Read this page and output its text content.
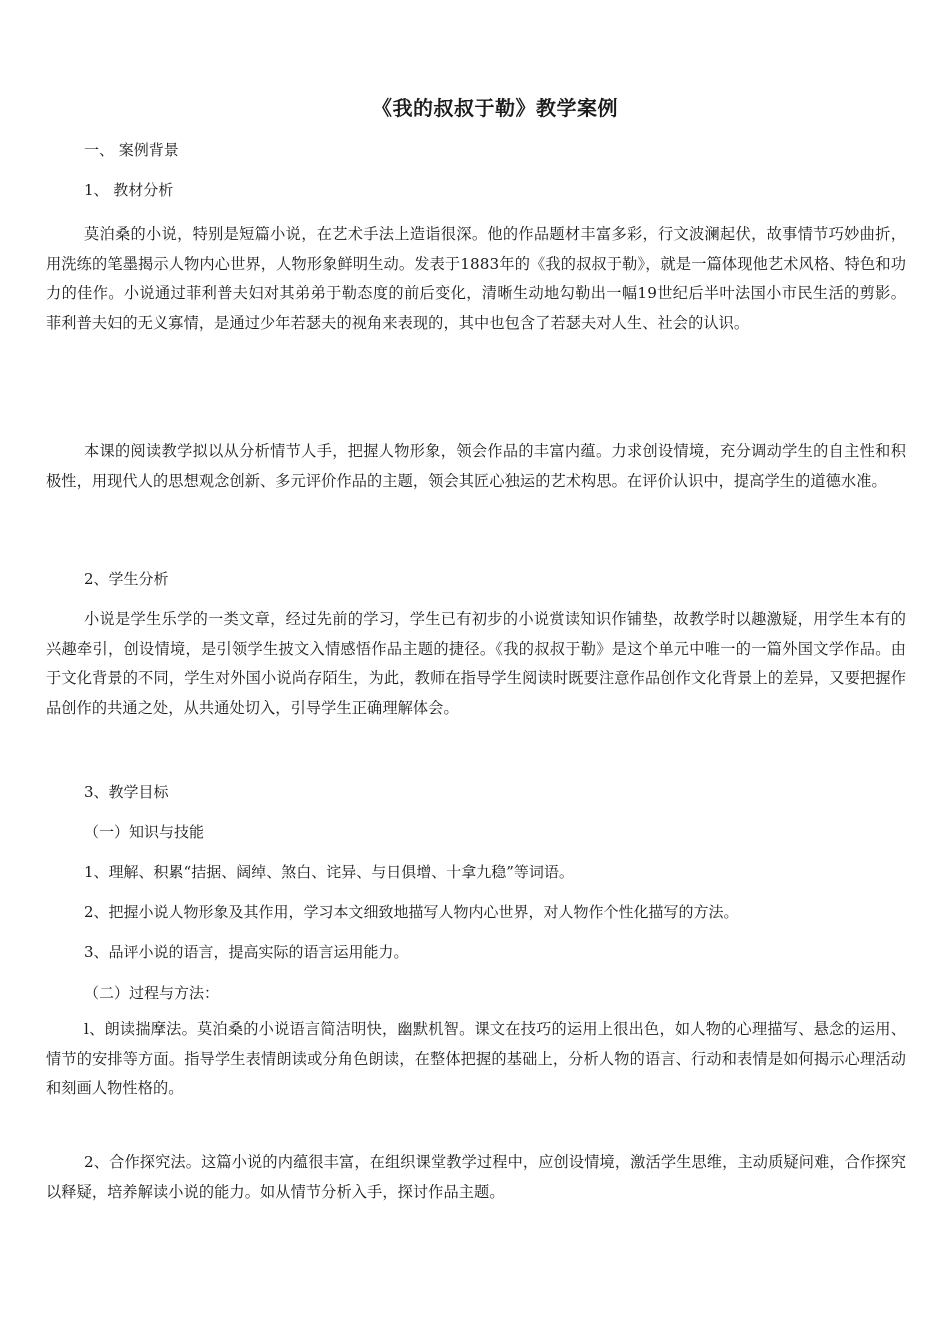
《我的叔叔于勒》教学案例
一、 案例背景
1、 教材分析
莫泊桑的小说，特别是短篇小说，在艺术手法上造诣很深。他的作品题材丰富多彩，行文波澜起伏，故事情节巧妙曲折，用洗练的笔墨揭示人物内心世界，人物形象鲜明生动。发表于1883年的《我的叔叔于勒》，就是一篇体现他艺术风格、特色和功力的佳作。小说通过菲利普夫妇对其弟弟于勒态度的前后变化，清晰生动地勾勒出一幅19世纪后半叶法国小市民生活的剪影。菲利普夫妇的无义寡情，是通过少年若瑟夫的视角来表现的，其中也包含了若瑟夫对人生、社会的认识。
本课的阅读教学拟以从分析情节人手，把握人物形象，领会作品的丰富内蕴。力求创设情境，充分调动学生的自主性和积极性，用现代人的思想观念创新、多元评价作品的主题，领会其匠心独运的艺术构思。在评价认识中，提高学生的道德水准。
2、学生分析
小说是学生乐学的一类文章，经过先前的学习，学生已有初步的小说赏读知识作铺垫，故教学时以趣激疑，用学生本有的兴趣牵引，创设情境，是引领学生披文入情感悟作品主题的捷径。《我的叔叔于勒》是这个单元中唯一的一篇外国文学作品。由于文化背景的不同，学生对外国小说尚存陌生，为此，教师在指导学生阅读时既要注意作品创作文化背景上的差异，又要把握作品创作的共通之处，从共通处切入，引导学生正确理解体会。
3、教学目标
（一）知识与技能
1、理解、积累“拮据、阔绰、煞白、诧异、与日俱增、十拿九稳”等词语。
2、把握小说人物形象及其作用，学习本文细致地描写人物内心世界，对人物作个性化描写的方法。
3、品评小说的语言，提高实际的语言运用能力。
（二）过程与方法：
l、朗读揣摩法。莫泊桑的小说语言简洁明快，幽默机智。课文在技巧的运用上很出色，如人物的心理描写、悬念的运用、情节的安排等方面。指导学生表情朗读或分角色朗读，在整体把握的基础上，分析人物的语言、行动和表情是如何揭示心理活动和刻画人物性格的。
2、合作探究法。这篇小说的内蕴很丰富，在组织课堂教学过程中，应创设情境，激活学生思维，主动质疑问难，合作探究以释疑，培养解读小说的能力。如从情节分析入手，探讨作品主题。
